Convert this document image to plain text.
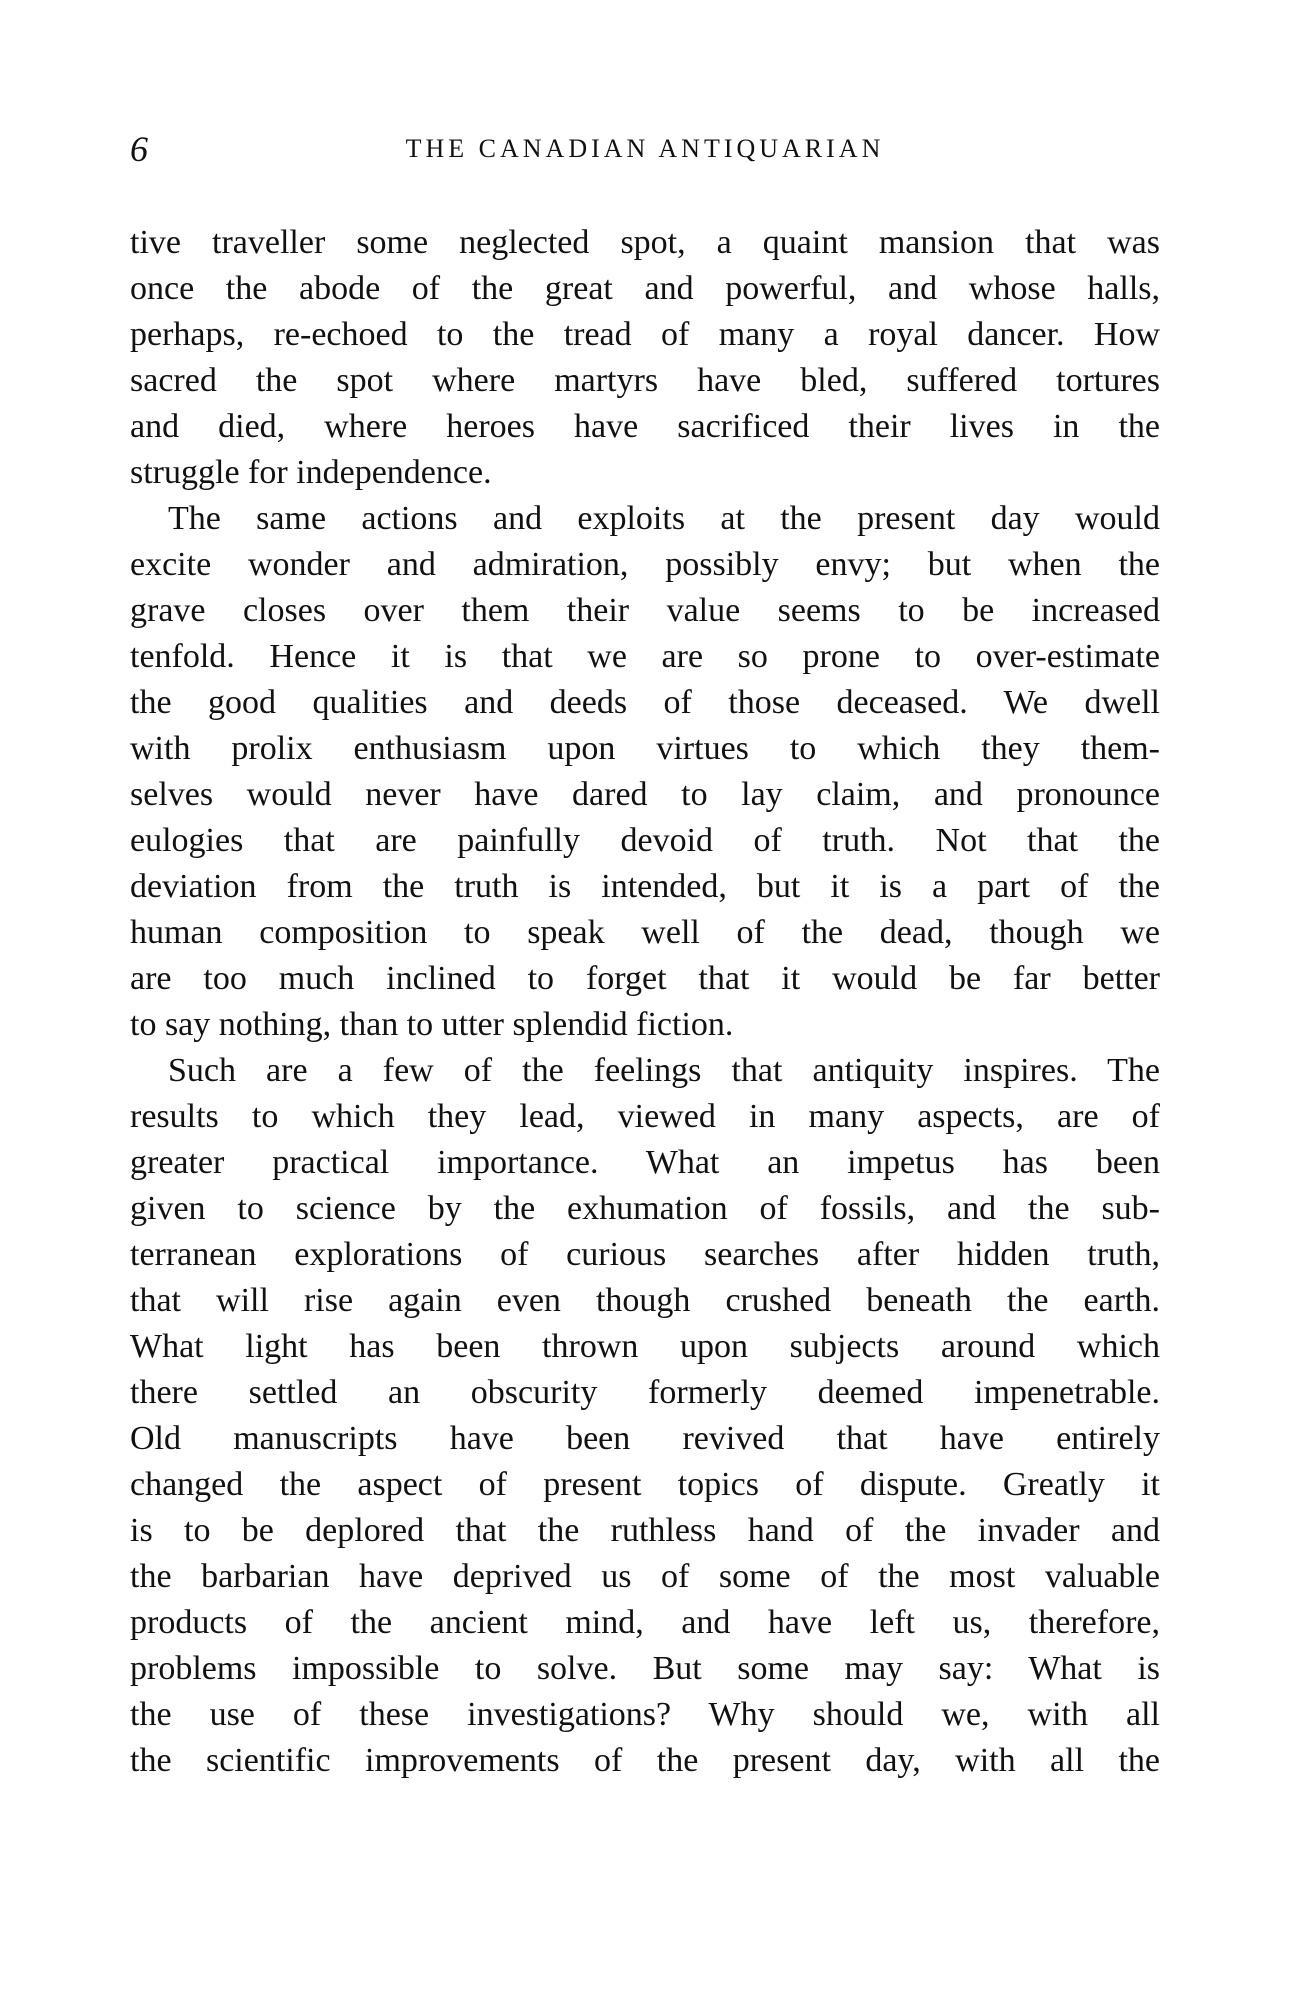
6	THE CANADIAN ANTIQUARIAN
tive traveller some neglected spot, a quaint mansion that was
once the abode of the great and powerful, and whose halls,
perhaps, re-echoed to the tread of many a royal dancer. How
sacred the spot where martyrs have bled, suffered tortures
and died, where heroes have sacrificed their lives in the
struggle for independence.
The same actions and exploits at the present day would
excite wonder and admiration, possibly envy; but when the
grave closes over them their value seems to be increased
tenfold. Hence it is that we are so prone to over-estimate
the good qualities and deeds of those deceased. We dwell
with prolix enthusiasm upon virtues to which they them-
selves would never have dared to lay claim, and pronounce
eulogies that are painfully devoid of truth. Not that the
deviation from the truth is intended, but it is a part of the
human composition to speak well of the dead, though we
are too much inclined to forget that it would be far better
to say nothing, than to utter splendid fiction.
Such are a few of the feelings that antiquity inspires. The
results to which they lead, viewed in many aspects, are of
greater practical importance. What an impetus has been
given to science by the exhumation of fossils, and the sub-
terranean explorations of curious searches after hidden truth,
that will rise again even though crushed beneath the earth.
What light has been thrown upon subjects around which
there settled an obscurity formerly deemed impenetrable.
Old manuscripts have been revived that have entirely
changed the aspect of present topics of dispute. Greatly it
is to be deplored that the ruthless hand of the invader and
the barbarian have deprived us of some of the most valuable
products of the ancient mind, and have left us, therefore,
problems impossible to solve. But some may say: What is
the use of these investigations? Why should we, with all
the scientific improvements of the present day, with all the
